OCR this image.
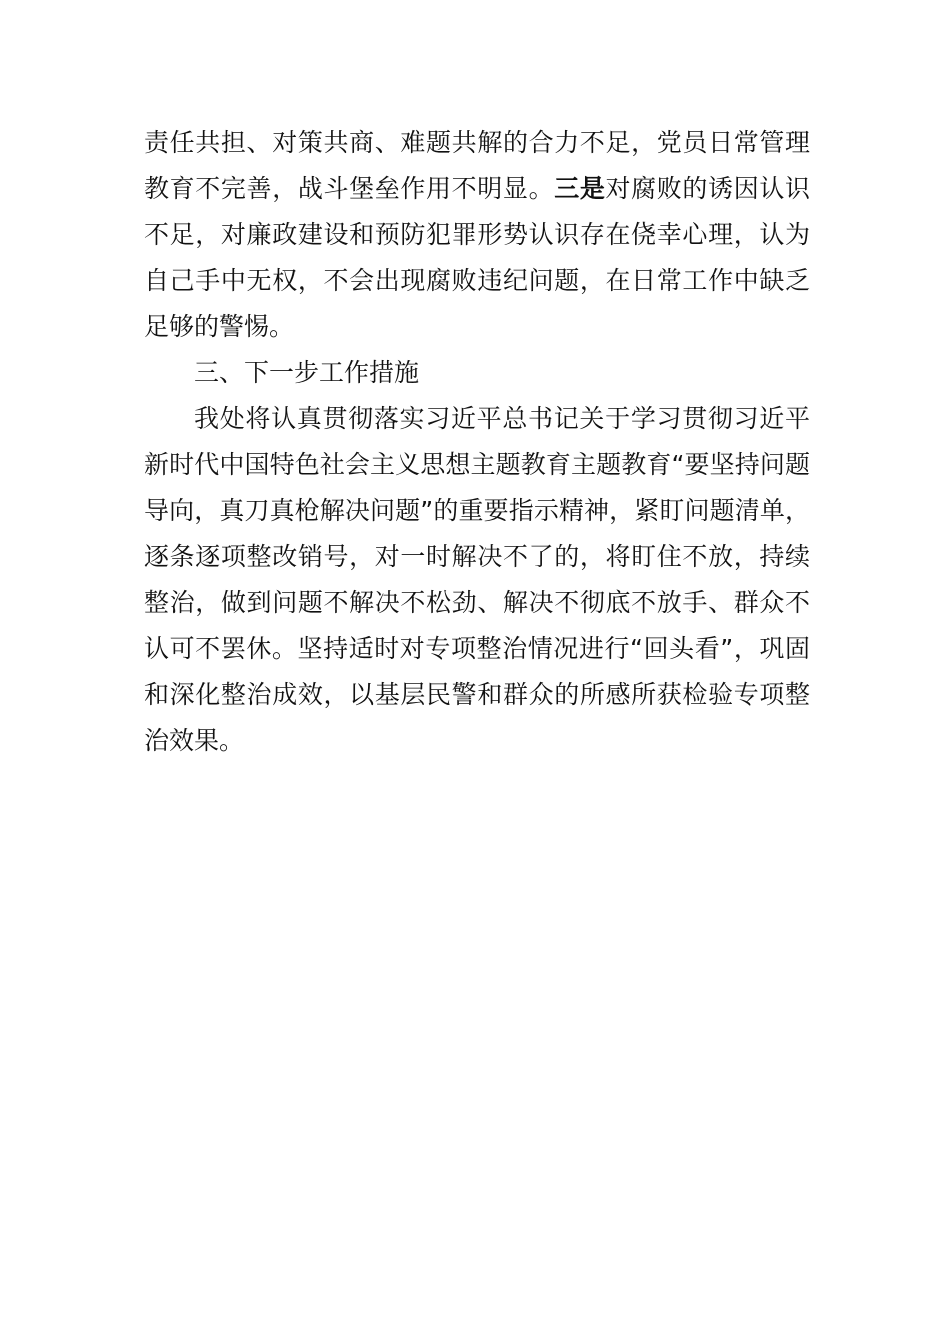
责任共担、对策共商、难题共解的合力不足，党员日常管理教育不完善，战斗堡垒作用不明显。三是对腐败的诱因认识不足，对廉政建设和预防犯罪形势认识存在侥幸心理，认为自己手中无权，不会出现腐败违纪问题，在日常工作中缺乏足够的警惕。

三、下一步工作措施

我处将认真贯彻落实习近平总书记关于学习贯彻习近平新时代中国特色社会主义思想主题教育主题教育“要坚持问题导向，真刀真枪解决问题”的重要指示精神，紧盯问题清单，逐条逐项整改销号，对一时解决不了的，将盯住不放，持续整治，做到问题不解决不松劲、解决不彻底不放手、群众不认可不罢休。坚持适时对专项整治情况进行“回头看”，巩固和深化整治成效，以基层民警和群众的所感所获检验专项整治效果。
